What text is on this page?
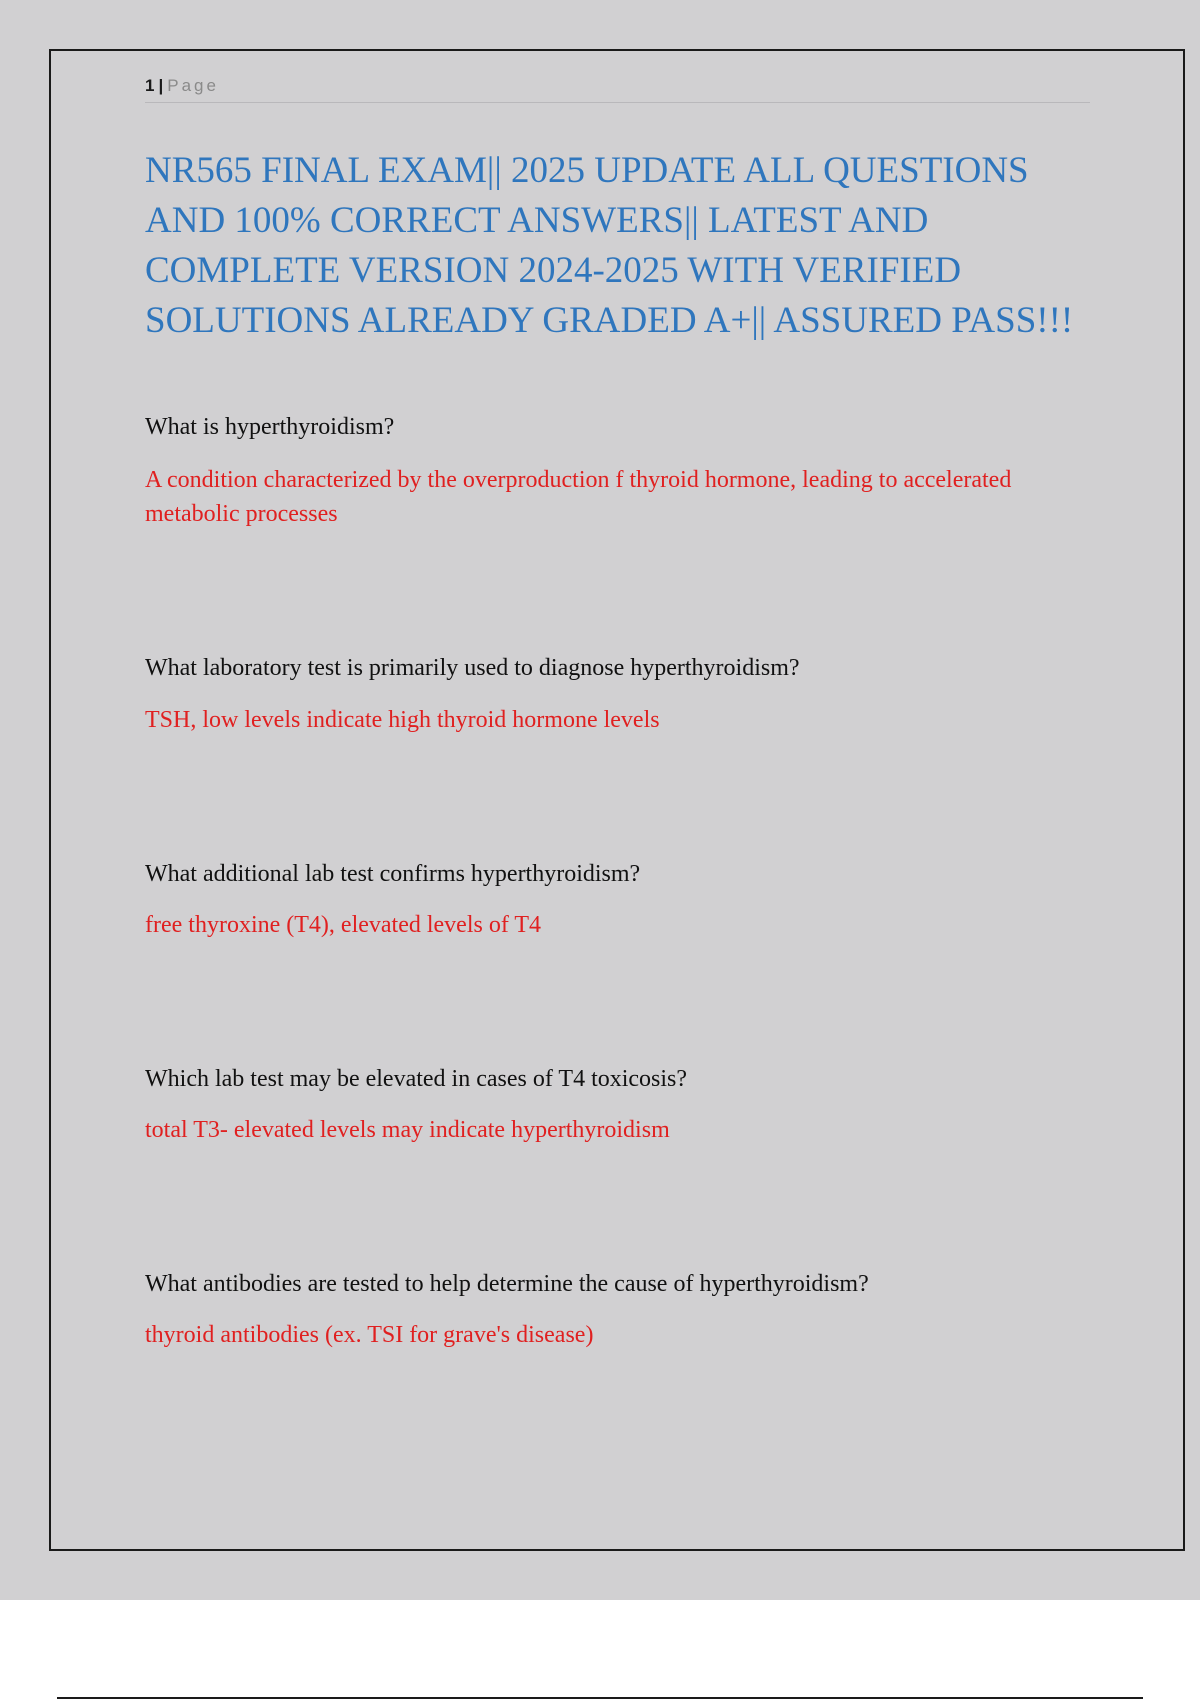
1 | Page
NR565 FINAL EXAM|| 2025 UPDATE ALL QUESTIONS AND 100% CORRECT ANSWERS|| LATEST AND COMPLETE VERSION 2024-2025 WITH VERIFIED SOLUTIONS ALREADY GRADED A+|| ASSURED PASS!!!

What is hyperthyroidism?

A condition characterized by the overproduction f thyroid hormone, leading to accelerated metabolic processes

What laboratory test is primarily used to diagnose hyperthyroidism?

TSH, low levels indicate high thyroid hormone levels

What additional lab test confirms hyperthyroidism?

free thyroxine (T4), elevated levels of T4

Which lab test may be elevated in cases of T4 toxicosis?

total T3- elevated levels may indicate hyperthyroidism

What antibodies are tested to help determine the cause of hyperthyroidism?

thyroid antibodies (ex. TSI for grave's disease)
